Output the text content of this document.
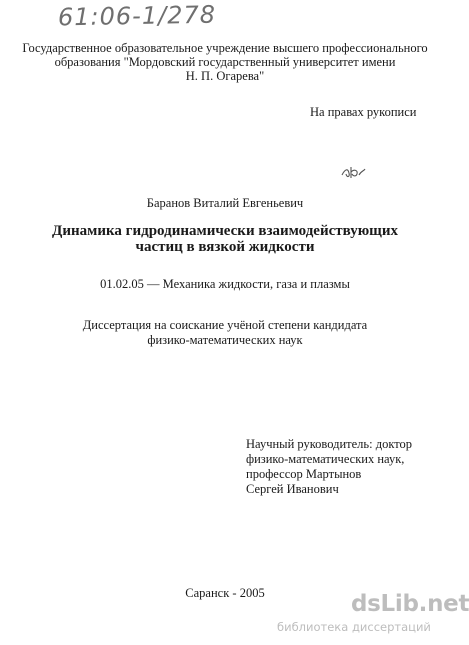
61:06-1/278
Государственное образовательное учреждение высшего профессионального
образования "Мордовский государственный университет имени
Н. П. Огарева"
На правах рукописи
Баранов Виталий Евгеньевич
Динамика гидродинамически взаимодействующих
частиц в вязкой жидкости
01.02.05 — Механика жидкости, газа и плазмы
Диссертация на соискание учёной степени кандидата
физико-математических наук
Научный руководитель: доктор
физико-математических наук,
профессор Мартынов
Сергей Иванович
Саранск - 2005	dsLib.net
библиотека диссертаций
